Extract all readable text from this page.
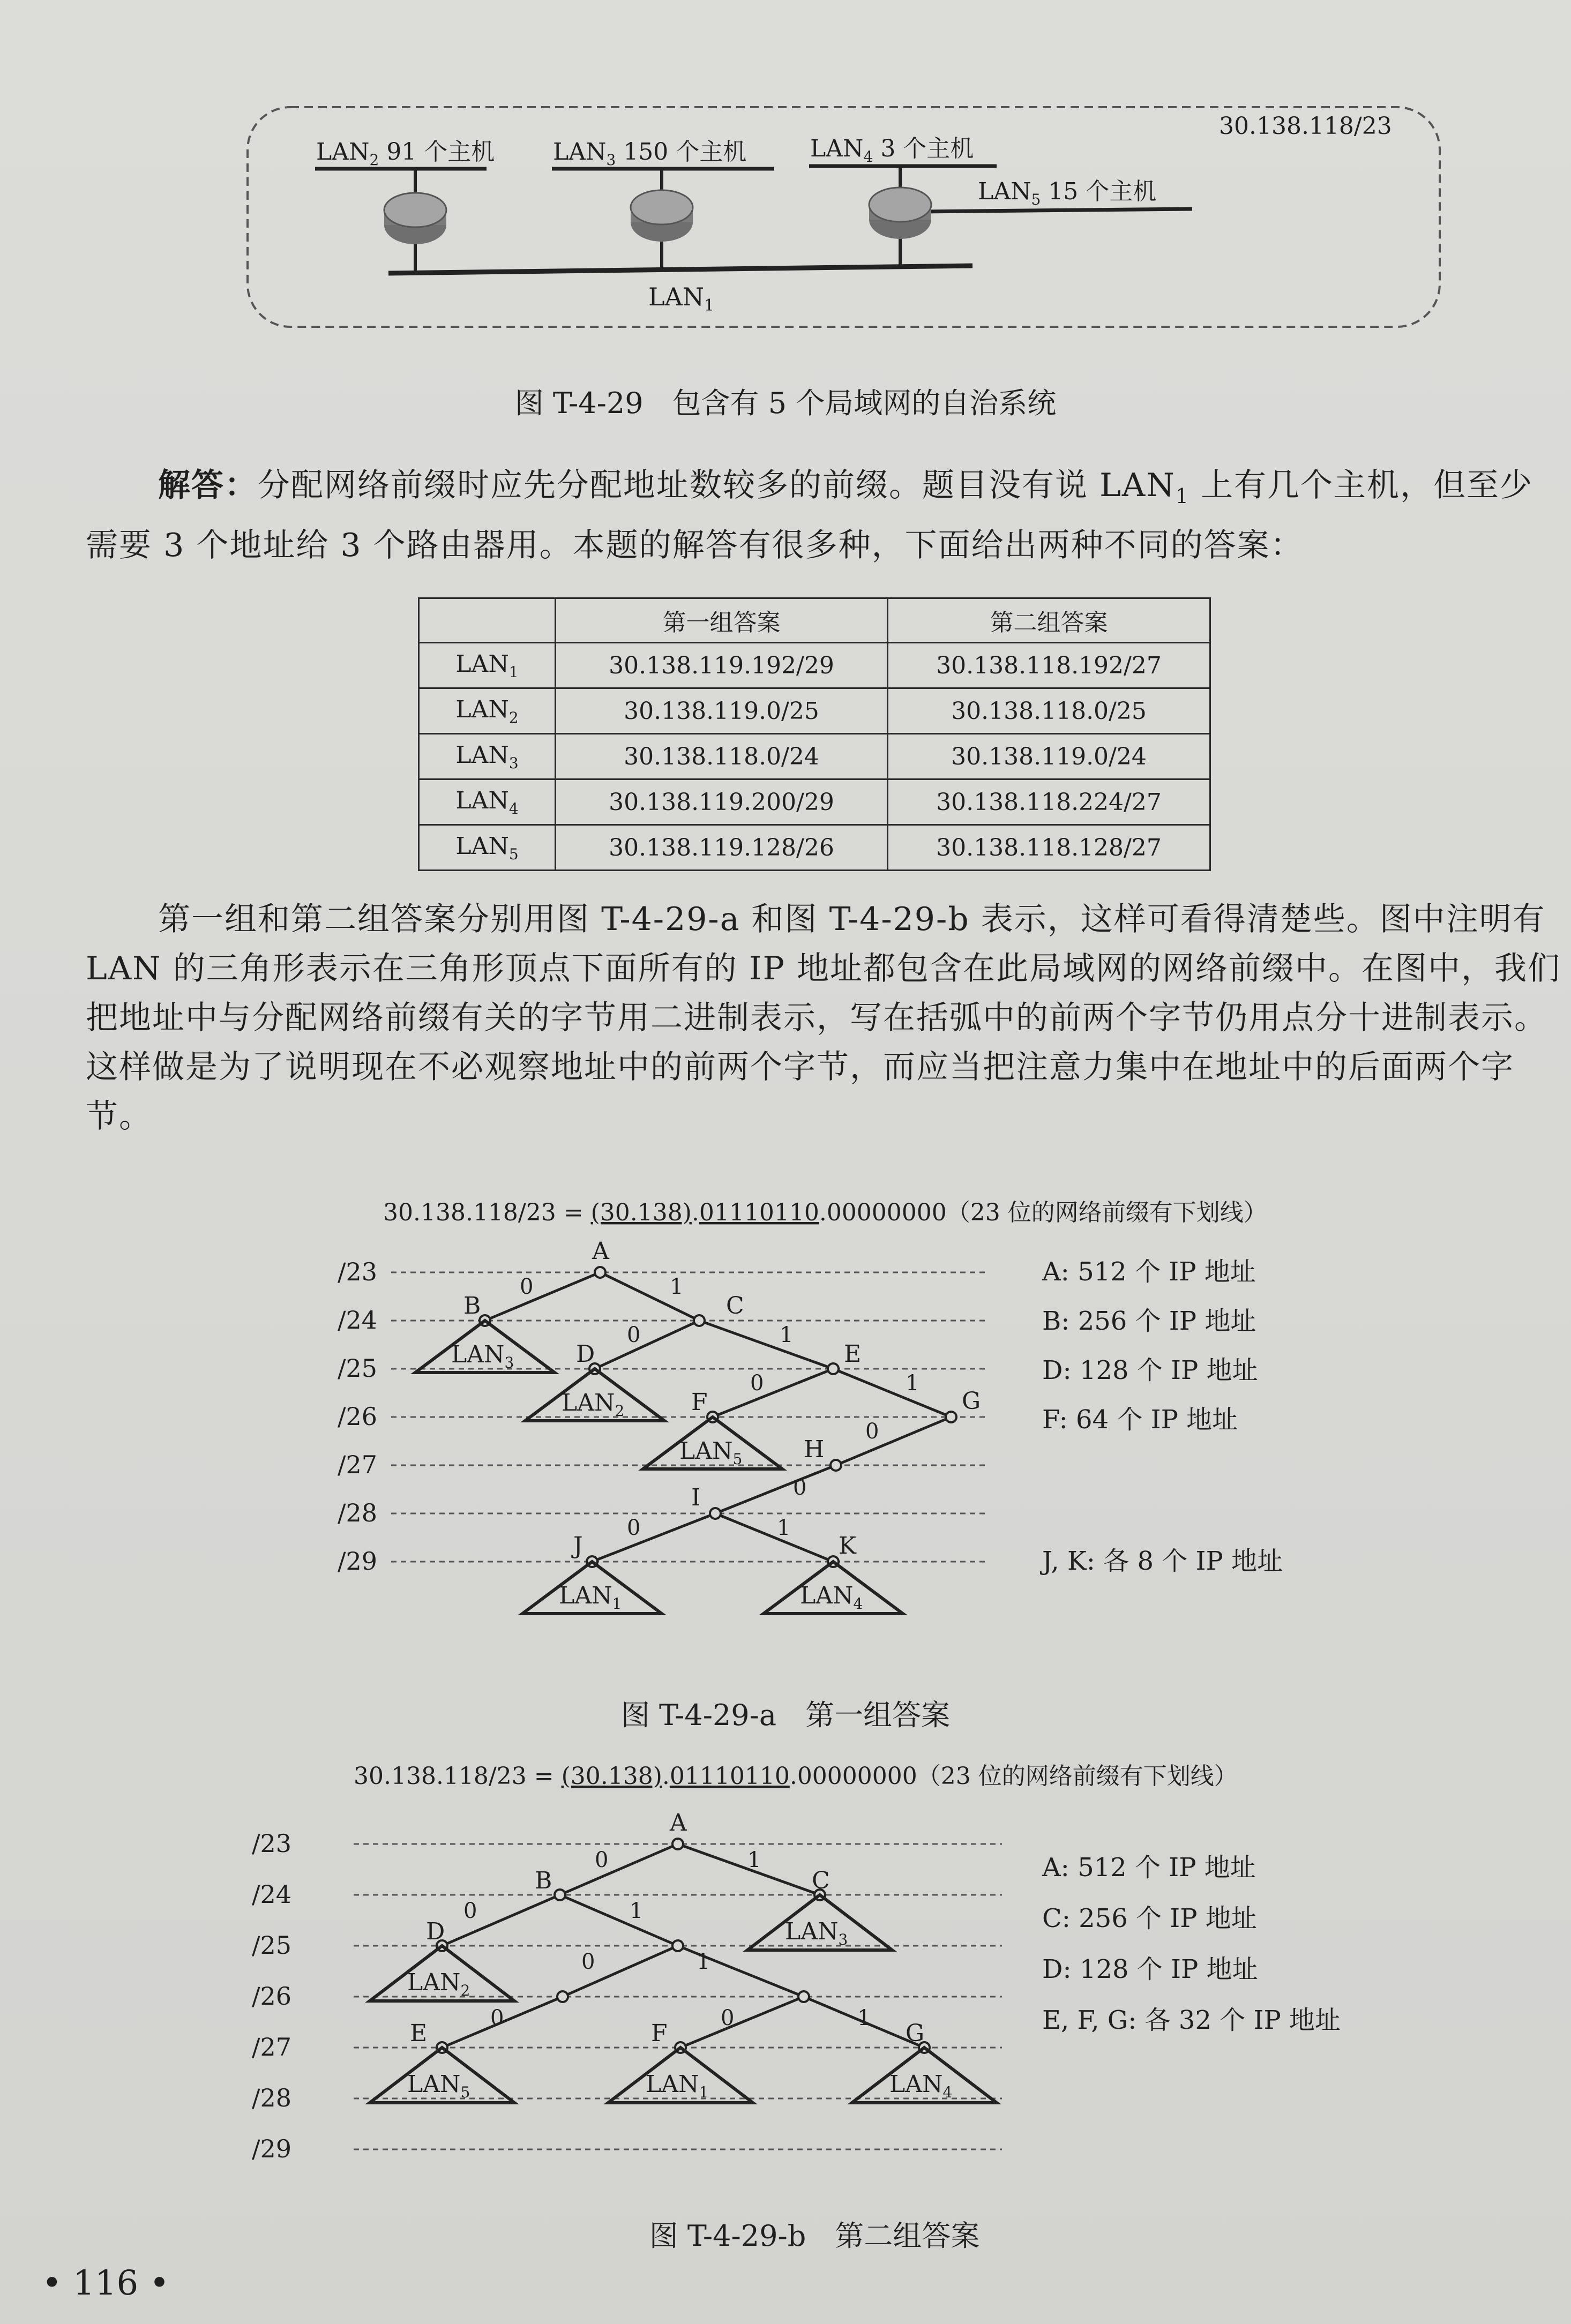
30.138.118/23
$LAN_1$
$LAN_2$ 91 个主机 $LAN_3$ 150 个主机	$LAN_4$ 3 个主机
$LAN_5$ 15 个主机
图 T-4-29　包含有 5 个局域网的自治系统

解答：分配网络前缀时应先分配地址数较多的前缀。题目没有说 $LAN_1$ 上有几个主机，但至少需要 3 个地址给 3 个路由器用。本题的解答有很多种，下面给出两种不同的答案：

	第一组答案	第二组答案
$LAN_1$	30.138.119.192/29	30.138.118.192/27
$LAN_2$	30.138.119.0/25	30.138.118.0/25
$LAN_3$	30.138.118.0/24	30.138.119.0/24
$LAN_4$	30.138.119.200/29	30.138.118.224/27
$LAN_5$	30.138.119.128/26	30.138.118.128/27

第一组和第二组答案分别用图 T-4-29-a 和图 T-4-29-b 表示，这样可看得清楚些。图中注明有 LAN 的三角形表示在三角形顶点下面所有的 IP 地址都包含在此局域网的网络前缀中。在图中，我们把地址中与分配网络前缀有关的字节用二进制表示，写在括弧中的前两个字节仍用点分十进制表示。这样做是为了说明现在不必观察地址中的前两个字节，而应当把注意力集中在地址中的后面两个字节。

30.138.118/23 = (30.138).01110110.00000000（23 位的网络前缀有下划线）
/23
/24
/25
/26
/27
/28
/29
$LAN_3$
$LAN_2$
$LAN_5$
$LAN_1$	$LAN_4$
A
B	C
D	E
F	G
H
I
J	K
0	1
0	1
0	1
0
0
0	1
A: 512 个 IP 地址
B: 256 个 IP 地址
D: 128 个 IP 地址
F: 64 个 IP 地址
J, K: 各 8 个 IP 地址
图 T-4-29-a　第一组答案
30.138.118/23 = (30.138).01110110.00000000（23 位的网络前缀有下划线）
/23
/24
/25
/26
/27
/28
/29
$LAN_3$
$LAN_2$
$LAN_5$	$LAN_1$	$LAN_4$
A
B	C
D
E	F	G
0	1
0	1
0	1
0	0	1
A: 512 个 IP 地址
C: 256 个 IP 地址
D: 128 个 IP 地址
E, F, G: 各 32 个 IP 地址
图 T-4-29-b　第二组答案
• 116 •
